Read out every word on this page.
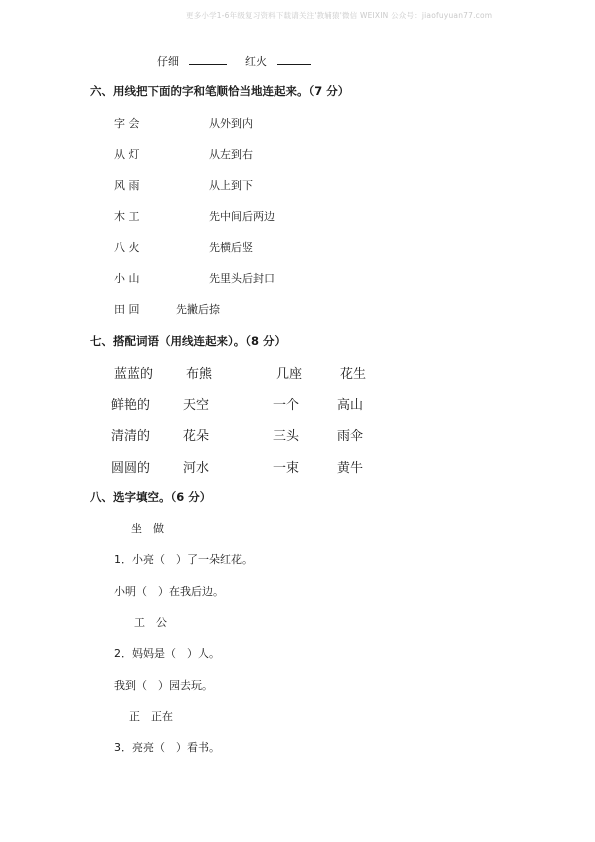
更多小学1-6年级复习资料下载请关注'教辅猿'微信 WEIXIN 公众号：jiaofuyuan77.com
仔细	红火
六、用线把下面的字和笔顺恰当地连起来。（7 分）
字 会
从 灯
风 雨
木 工
八 火
小 山
田 回
从外到内
从左到右
从上到下
先中间后两边
先横后竖
先里头后封口
先撇后捺
七、搭配词语（用线连起来）。（8 分）
蓝蓝的
鲜艳的
清清的
圆圆的
布熊
天空
花朵
河水
几座
一个
三头
一束
花生
高山
雨伞
黄牛
八、选字填空。（6 分）
坐　做
1．小亮（　）了一朵红花。
小明（　）在我后边。
工　公
2．妈妈是（　）人。
我到（　）园去玩。
正　正在
3．亮亮（　）看书。
